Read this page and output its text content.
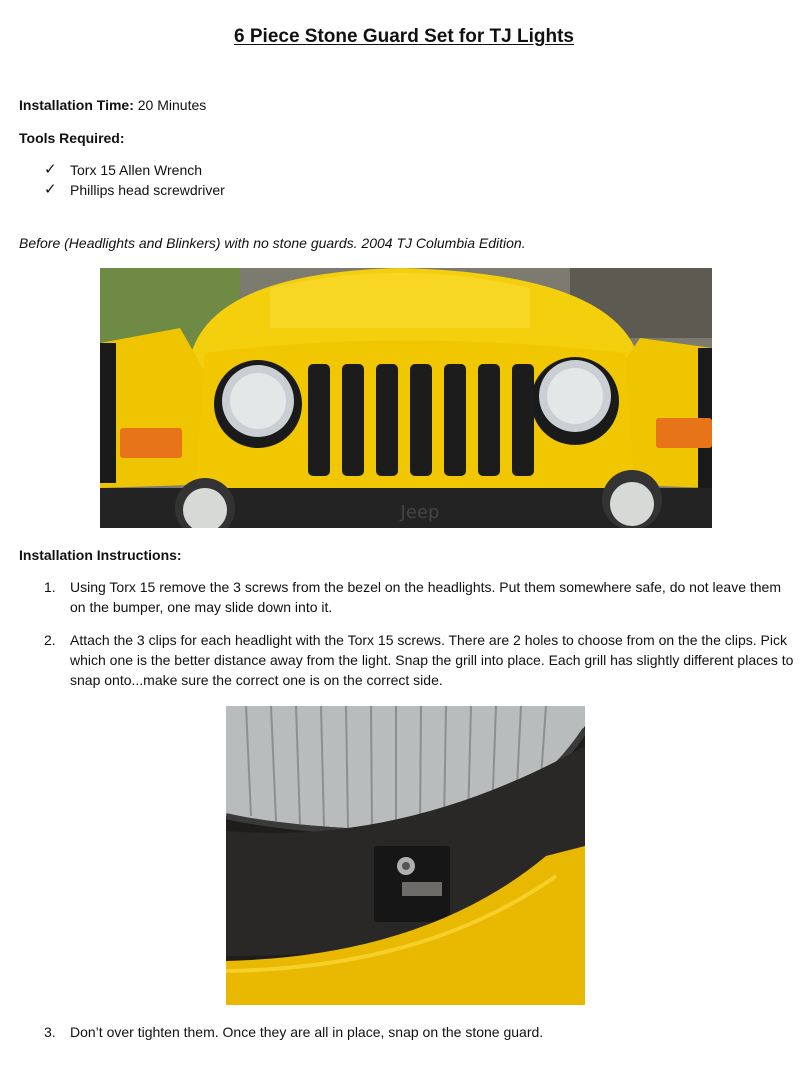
6 Piece Stone Guard Set for TJ Lights
Installation Time: 20 Minutes
Tools Required:
✓ Torx 15 Allen Wrench
✓ Phillips head screwdriver
Before (Headlights and Blinkers) with no stone guards. 2004 TJ Columbia Edition.
Jeep
Installation Instructions:
1. Using Torx 15 remove the 3 screws from the bezel on the headlights. Put them somewhere safe, do not leave them on the bumper, one may slide down into it.
2. Attach the 3 clips for each headlight with the Torx 15 screws. There are 2 holes to choose from on the the clips. Pick which one is the better distance away from the light. Snap the grill into place. Each grill has slightly different places to snap onto...make sure the correct one is on the correct side.
3. Don’t over tighten them. Once they are all in place, snap on the stone guard.
